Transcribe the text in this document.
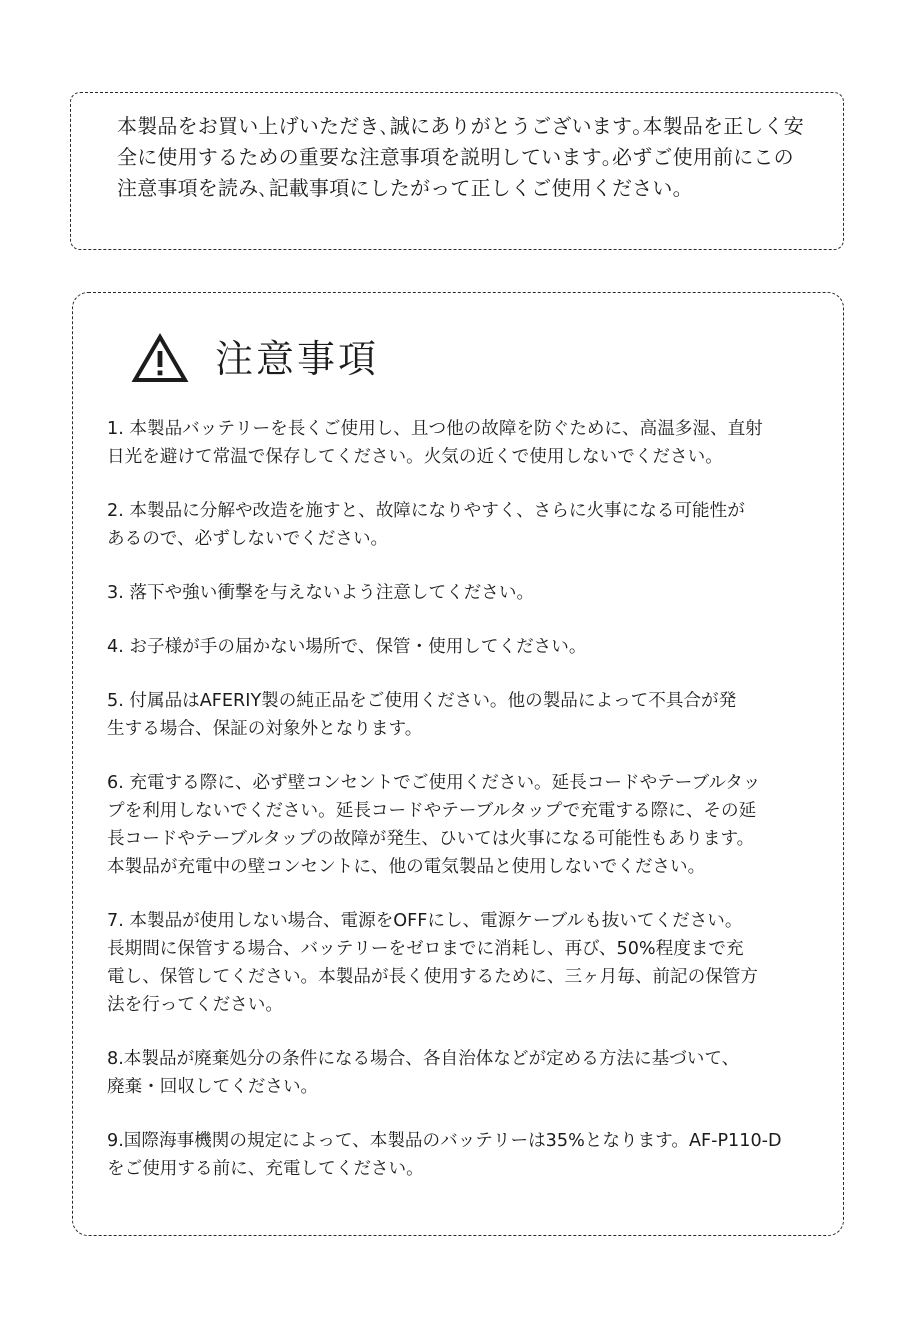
本製品をお買い上げいただき､誠にありがとうございます｡本製品を正しく安全に使用するための重要な注意事項を説明しています｡必ずご使用前にこの注意事項を読み､記載事項にしたがって正しくご使用ください。

注意事項
1. 本製品バッテリーを長くご使用し、且つ他の故障を防ぐために、高温多湿、直射
日光を避けて常温で保存してください。火気の近くで使用しないでください。
2. 本製品に分解や改造を施すと、故障になりやすく、さらに火事になる可能性が
あるので、必ずしないでください。
3. 落下や強い衝撃を与えないよう注意してください。
4. お子様が手の届かない場所で、保管・使用してください。
5. 付属品はAFERIY製の純正品をご使用ください。他の製品によって不具合が発
生する場合、保証の対象外となります。
6. 充電する際に、必ず壁コンセントでご使用ください。延長コードやテーブルタッ
プを利用しないでください。延長コードやテーブルタップで充電する際に、その延
長コードやテーブルタップの故障が発生、ひいては火事になる可能性もあります。
本製品が充電中の壁コンセントに、他の電気製品と使用しないでください。
7. 本製品が使用しない場合、電源をOFFにし、電源ケーブルも抜いてください。
長期間に保管する場合、バッテリーをゼロまでに消耗し、再び、50%程度まで充
電し、保管してください。本製品が長く使用するために、三ヶ月毎、前記の保管方
法を行ってください。
8.本製品が廃棄処分の条件になる場合、各自治体などが定める方法に基づいて、
廃棄・回収してください。
9.国際海事機関の規定によって、本製品のバッテリーは35%となります。AF-P110-D
をご使用する前に、充電してください。
